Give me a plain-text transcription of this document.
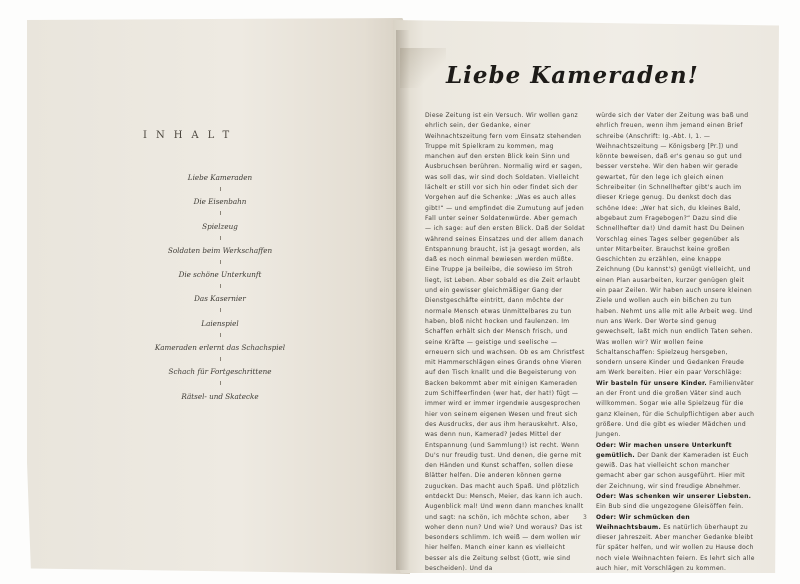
INHALT
Liebe Kameraden
Die Eisenbahn
Spielzeug
Soldaten beim Werkschaffen
Die schöne Unterkunft
Das Kasernier
Laienspiel
Kameraden erlernt das Schachspiel
Schach für Fortgeschrittene
Rätsel- und Skatecke
Liebe Kameraden!

Diese Zeitung ist ein Versuch. Wir wollen ganz ehrlich sein, der Gedanke, einer Weihnachtszeitung fern vom Einsatz stehenden Truppe mit Spielkram zu kommen, mag manchen auf den ersten Blick kein Sinn und Ausbruchsen berühren. Normalig wird er sagen, was soll das, wir sind doch Soldaten. Vielleicht lächelt er still vor sich hin oder findet sich der Vorgehen auf die Schenke: „Was es auch alles gibt!“ — und empfindet die Zumutung auf jeden Fall unter seiner Soldatenwürde. Aber gemach — ich sage: auf den ersten Blick. Daß der Soldat während seines Einsatzes und der allem danach Entspannung braucht, ist ja gesagt worden, als daß es noch einmal bewiesen werden müßte. Eine Truppe ja beileibe, die sowieso im Stroh liegt, ist Leben. Aber sobald es die Zeit erlaubt und ein gewisser gleichmäßiger Gang der Dienstgeschäfte eintritt, dann möchte der normale Mensch etwas Unmittelbares zu tun haben, bloß nicht hocken und faulenzen. Im Schaffen erhält sich der Mensch frisch, und seine Kräfte — geistige und seelische — erneuern sich und wachsen. Ob es am Christfest mit Hammerschlägen eines Grands ohne Vieren auf den Tisch knallt und die Begeisterung von Backen bekommt aber mit einigen Kameraden zum Schiffeerfinden (wer hat, der hat!) fügt — immer wird er immer irgendwie ausgesprochen hier von seinem eigenen Wesen und freut sich des Ausdrucks, der aus ihm herauskehrt. Also, was denn nun, Kamerad? Jedes Mittel der Entspannung (und Sammlung!) ist recht. Wenn Du's nur freudig tust. Und denen, die gerne mit den Händen und Kunst schaffen, sollen diese Blätter helfen. Die anderen können gerne zugucken. Das macht auch Spaß. Und plötzlich entdeckt Du: Mensch, Meier, das kann ich auch. Augenblick mal! Und wenn dann manches knallt und sagt: na schön, ich möchte schon, aber woher denn nun? Und wie? Und woraus? Das ist besonders schlimm. Ich weiß — dem wollen wir hier helfen. Manch einer kann es vielleicht besser als die Zeitung selbst (Gott, wie sind bescheiden). Und da

würde sich der Vater der Zeitung was baß und ehrlich freuen, wenn ihm jemand einen Brief schreibe (Anschrift: Ig.-Abt. I, 1. — Weihnachtszeitung — Königsberg [Pr.]) und könnte beweisen, daß er's genau so gut und besser verstehe. Wir den haben wir gerade gewartet, für den lege ich gleich einen Schreibeiter (in Schnellhefter gibt's auch im dieser Kriege genug. Du denkst doch das schöne Idee: „Wer hat sich, du kleines Bald, abgebaut zum Fragebogen?“ Dazu sind die Schnellhefter da!) Und damit hast Du Deinen Vorschlag eines Tages selber gegenüber als unter Mitarbeiter. Brauchst keine großen Geschichten zu erzählen, eine knappe Zeichnung (Du kannst's) genügt vielleicht, und einen Plan ausarbeiten, kurzer genügen gleit ein paar Zeilen. Wir haben auch unsere kleinen Ziele und wollen auch ein bißchen zu tun haben. Nehmt uns alle mit alle Arbeit weg. Und nun ans Werk. Der Worte sind genug gewechselt, laßt mich nun endlich Taten sehen. Was wollen wir? Wir wollen feine Schaltanschaffen: Spielzeug hersgeben, sondern unsere Kinder und Gedanken Freude am Werk bereiten. Hier ein paar Vorschläge:

Wir basteln für unsere Kinder. Familienväter an der Front und die großen Väter sind auch willkommen. Sogar wie alle Spielzeug für die ganz Kleinen, für die Schulpflichtigen aber auch größere. Und die gibt es wieder Mädchen und Jungen.

Oder: Wir machen unsere Unterkunft gemütlich. Der Dank der Kameraden ist Euch gewiß. Das hat vielleicht schon mancher gemacht aber gar schon ausgeführt. Hier mit der Zeichnung, wir sind freudige Abnehmer.

Oder: Was schenken wir unserer Liebsten. Ein Bub sind die ungezogene Gleisöffen fein.

Oder: Wir schmücken den Weihnachtsbaum. Es natürlich überhaupt zu dieser Jahreszeit. Aber mancher Gedanke bleibt für später helfen, und wir wollen zu Hause doch noch viele Weihnachten feiern. Es lehrt sich alle auch hier, mit Vorschlägen zu kommen.

3
